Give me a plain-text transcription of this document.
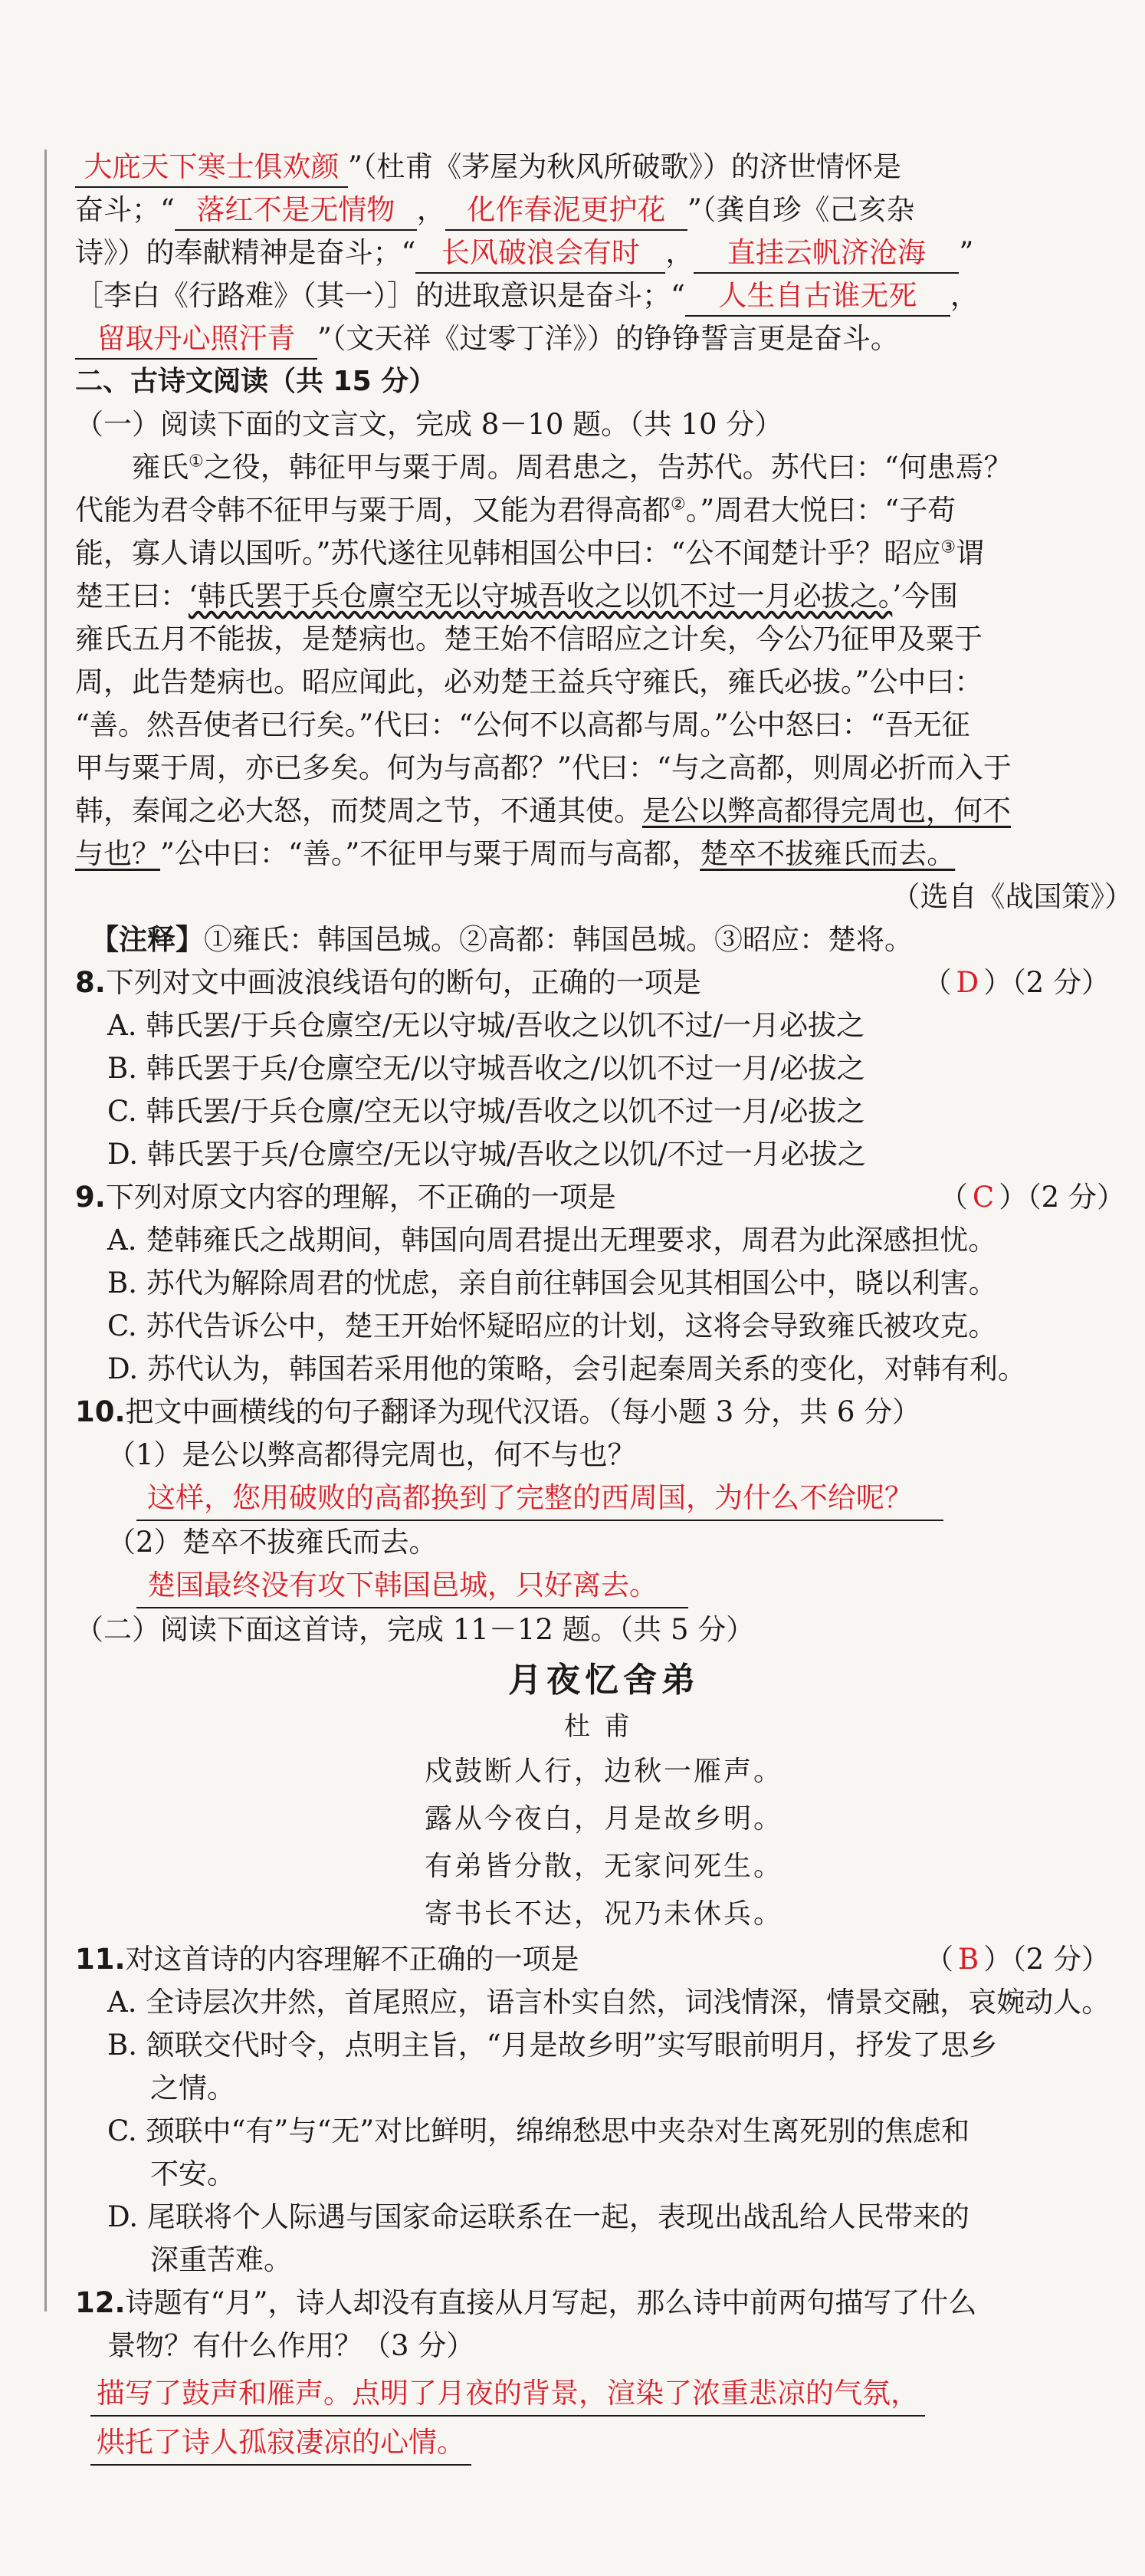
大庇天下寒士俱欢颜 ”（杜甫《茅屋为秋风所破歌》）的济世情怀是
奋斗；“ 落红不是无情物 ， 化作春泥更护花 ”（龚自珍《己亥杂
诗》）的奉献精神是奋斗；“ 长风破浪会有时 ， 直挂云帆济沧海 ”
［李白《行路难》（其一）］的进取意识是奋斗；“ 人生自古谁无死 ，
留取丹心照汗青 ”（文天祥《过零丁洋》）的铮铮誓言更是奋斗。
二、古诗文阅读（共 15 分）
（一）阅读下面的文言文，完成 8－10 题。（共 10 分）
雍氏①之役，韩征甲与粟于周。周君患之，告苏代。苏代曰：“何患焉？
代能为君令韩不征甲与粟于周，又能为君得高都②。”周君大悦曰：“子苟
能，寡人请以国听。”苏代遂往见韩相国公中曰：“公不闻楚计乎？昭应③谓
楚王曰：‘韩氏罢于兵仓廪空无以守城吾收之以饥不过一月必拔之。’今围
雍氏五月不能拔，是楚病也。楚王始不信昭应之计矣，今公乃征甲及粟于
周，此告楚病也。昭应闻此，必劝楚王益兵守雍氏，雍氏必拔。”公中曰：
“善。然吾使者已行矣。”代曰：“公何不以高都与周。”公中怒曰：“吾无征
甲与粟于周，亦已多矣。何为与高都？”代曰：“与之高都，则周必折而入于
韩，秦闻之必大怒，而焚周之节，不通其使。是公以弊高都得完周也，何不
与也？”公中曰：“善。”不征甲与粟于周而与高都，楚卒不拔雍氏而去。
（选自《战国策》）
【注释】①雍氏：韩国邑城。②高都：韩国邑城。③昭应：楚将。
8.下列对文中画波浪线语句的断句，正确的一项是	（ D ）（2 分）
A. 韩氏罢/于兵仓廪空/无以守城/吾收之以饥不过/一月必拔之
B. 韩氏罢于兵/仓廪空无/以守城吾收之/以饥不过一月/必拔之
C. 韩氏罢/于兵仓廪/空无以守城/吾收之以饥不过一月/必拔之
D. 韩氏罢于兵/仓廪空/无以守城/吾收之以饥/不过一月必拔之
9.下列对原文内容的理解，不正确的一项是	（ C ）（2 分）
A. 楚韩雍氏之战期间，韩国向周君提出无理要求，周君为此深感担忧。
B. 苏代为解除周君的忧虑，亲自前往韩国会见其相国公中，晓以利害。
C. 苏代告诉公中，楚王开始怀疑昭应的计划，这将会导致雍氏被攻克。
D. 苏代认为，韩国若采用他的策略，会引起秦周关系的变化，对韩有利。
10.把文中画横线的句子翻译为现代汉语。（每小题 3 分，共 6 分）
（1）是公以弊高都得完周也，何不与也？
这样，您用破败的高都换到了完整的西周国，为什么不给呢？
（2）楚卒不拔雍氏而去。
楚国最终没有攻下韩国邑城，只好离去。
（二）阅读下面这首诗，完成 11－12 题。（共 5 分）
月夜忆舍弟
杜甫
戍鼓断人行，边秋一雁声。
露从今夜白，月是故乡明。
有弟皆分散，无家问死生。
寄书长不达，况乃未休兵。
11.对这首诗的内容理解不正确的一项是	（ B ）（2 分）
A. 全诗层次井然，首尾照应，语言朴实自然，词浅情深，情景交融，哀婉动人。
B. 颔联交代时令，点明主旨，“月是故乡明”实写眼前明月，抒发了思乡
之情。
C. 颈联中“有”与“无”对比鲜明，绵绵愁思中夹杂对生离死别的焦虑和
不安。
D. 尾联将个人际遇与国家命运联系在一起，表现出战乱给人民带来的
深重苦难。
12.诗题有“月”，诗人却没有直接从月写起，那么诗中前两句描写了什么
景物？有什么作用？（3 分）
描写了鼓声和雁声。点明了月夜的背景，渲染了浓重悲凉的气氛，
烘托了诗人孤寂凄凉的心情。
